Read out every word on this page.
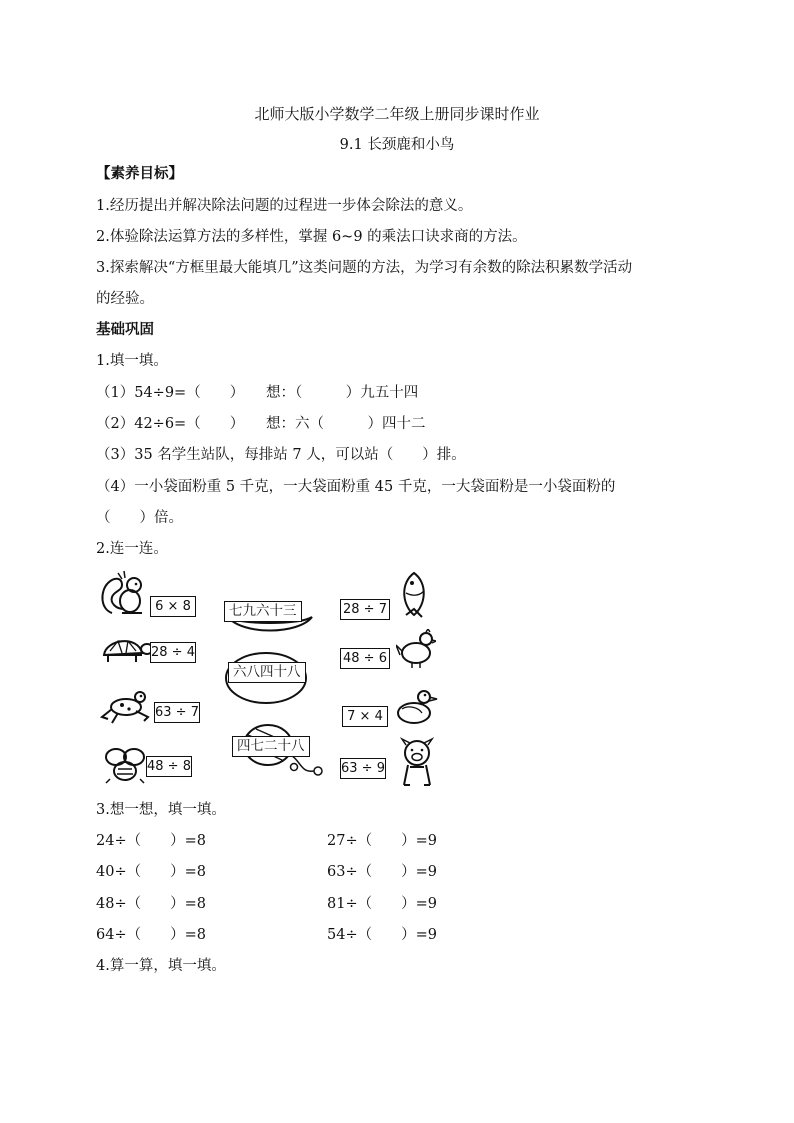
北师大版小学数学二年级上册同步课时作业
9.1 长颈鹿和小鸟
【素养目标】
1.经历提出并解决除法问题的过程进一步体会除法的意义。
2.体验除法运算方法的多样性，掌握 6~9 的乘法口诀求商的方法。
3.探索解决“方框里最大能填几”这类问题的方法，为学习有余数的除法积累数学活动
的经验。
基础巩固
1.填一填。
（1）54÷9=（　　）　　想：（　　　）九五十四
（2）42÷6=（　　）　　想：六（　　　）四十二
（3）35 名学生站队，每排站 7 人，可以站（　　）排。
（4）一小袋面粉重 5 千克，一大袋面粉重 45 千克，一大袋面粉是一小袋面粉的
（　　）倍。
2.连一连。
6 × 8
28 ÷ 4
63 ÷ 7
48 ÷ 8
七九六十三
六八四十八
四七二十八
28 ÷ 7
48 ÷ 6
7 × 4
63 ÷ 9
3.想一想，填一填。
24÷（　　）=8	27÷（　　）=9
40÷（　　）=8	63÷（　　）=9
48÷（　　）=8	81÷（　　）=9
64÷（　　）=8	54÷（　　）=9
4.算一算，填一填。
